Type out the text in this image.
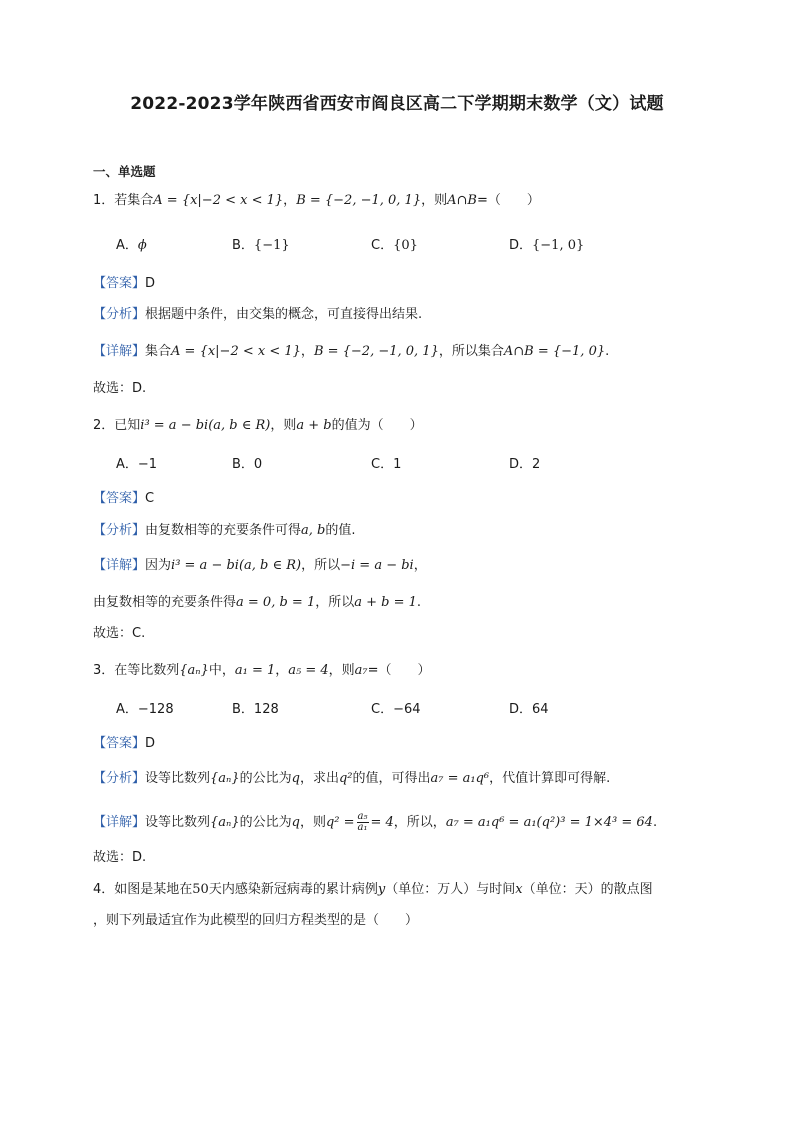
2022-2023学年陕西省西安市阎良区高二下学期期末数学（文）试题
一、单选题
1．若集合A = {x|−2 < x < 1}，B = {−2, −1, 0, 1}，则A∩B=（　　）
A．ϕ	B．{−1}	C．{0}	D．{−1, 0}
【答案】D
【分析】根据题中条件，由交集的概念，可直接得出结果.
【详解】集合A = {x|−2 < x < 1}，B = {−2, −1, 0, 1}，所以集合A∩B = {−1, 0}.
故选：D.
2．已知i³ = a − bi(a, b ∈ R)，则a + b的值为（　　）
A．−1	B．0	C．1	D．2
【答案】C
【分析】由复数相等的充要条件可得a, b的值.
【详解】因为i³ = a − bi(a, b ∈ R)，所以−i = a − bi，
由复数相等的充要条件得a = 0, b = 1，所以a + b = 1.
故选：C.
3．在等比数列{aₙ}中，a₁ = 1，a₅ = 4，则a₇=（　　）
A．−128	B．128	C．−64	D．64
【答案】D
【分析】设等比数列{aₙ}的公比为q，求出q²的值，可得出a₇ = a₁q⁶，代值计算即可得解.
【详解】设等比数列{aₙ}的公比为q，则$q^2 = \frac{\text{a₅}}{\text{a₁}} = 4$，所以，a₇ = a₁q⁶ = a₁(q²)³ = 1×4³ = 64.
故选：D.
4．如图是某地在50天内感染新冠病毒的累计病例y（单位：万人）与时间x（单位：天）的散点图
，则下列最适宜作为此模型的回归方程类型的是（　　）
